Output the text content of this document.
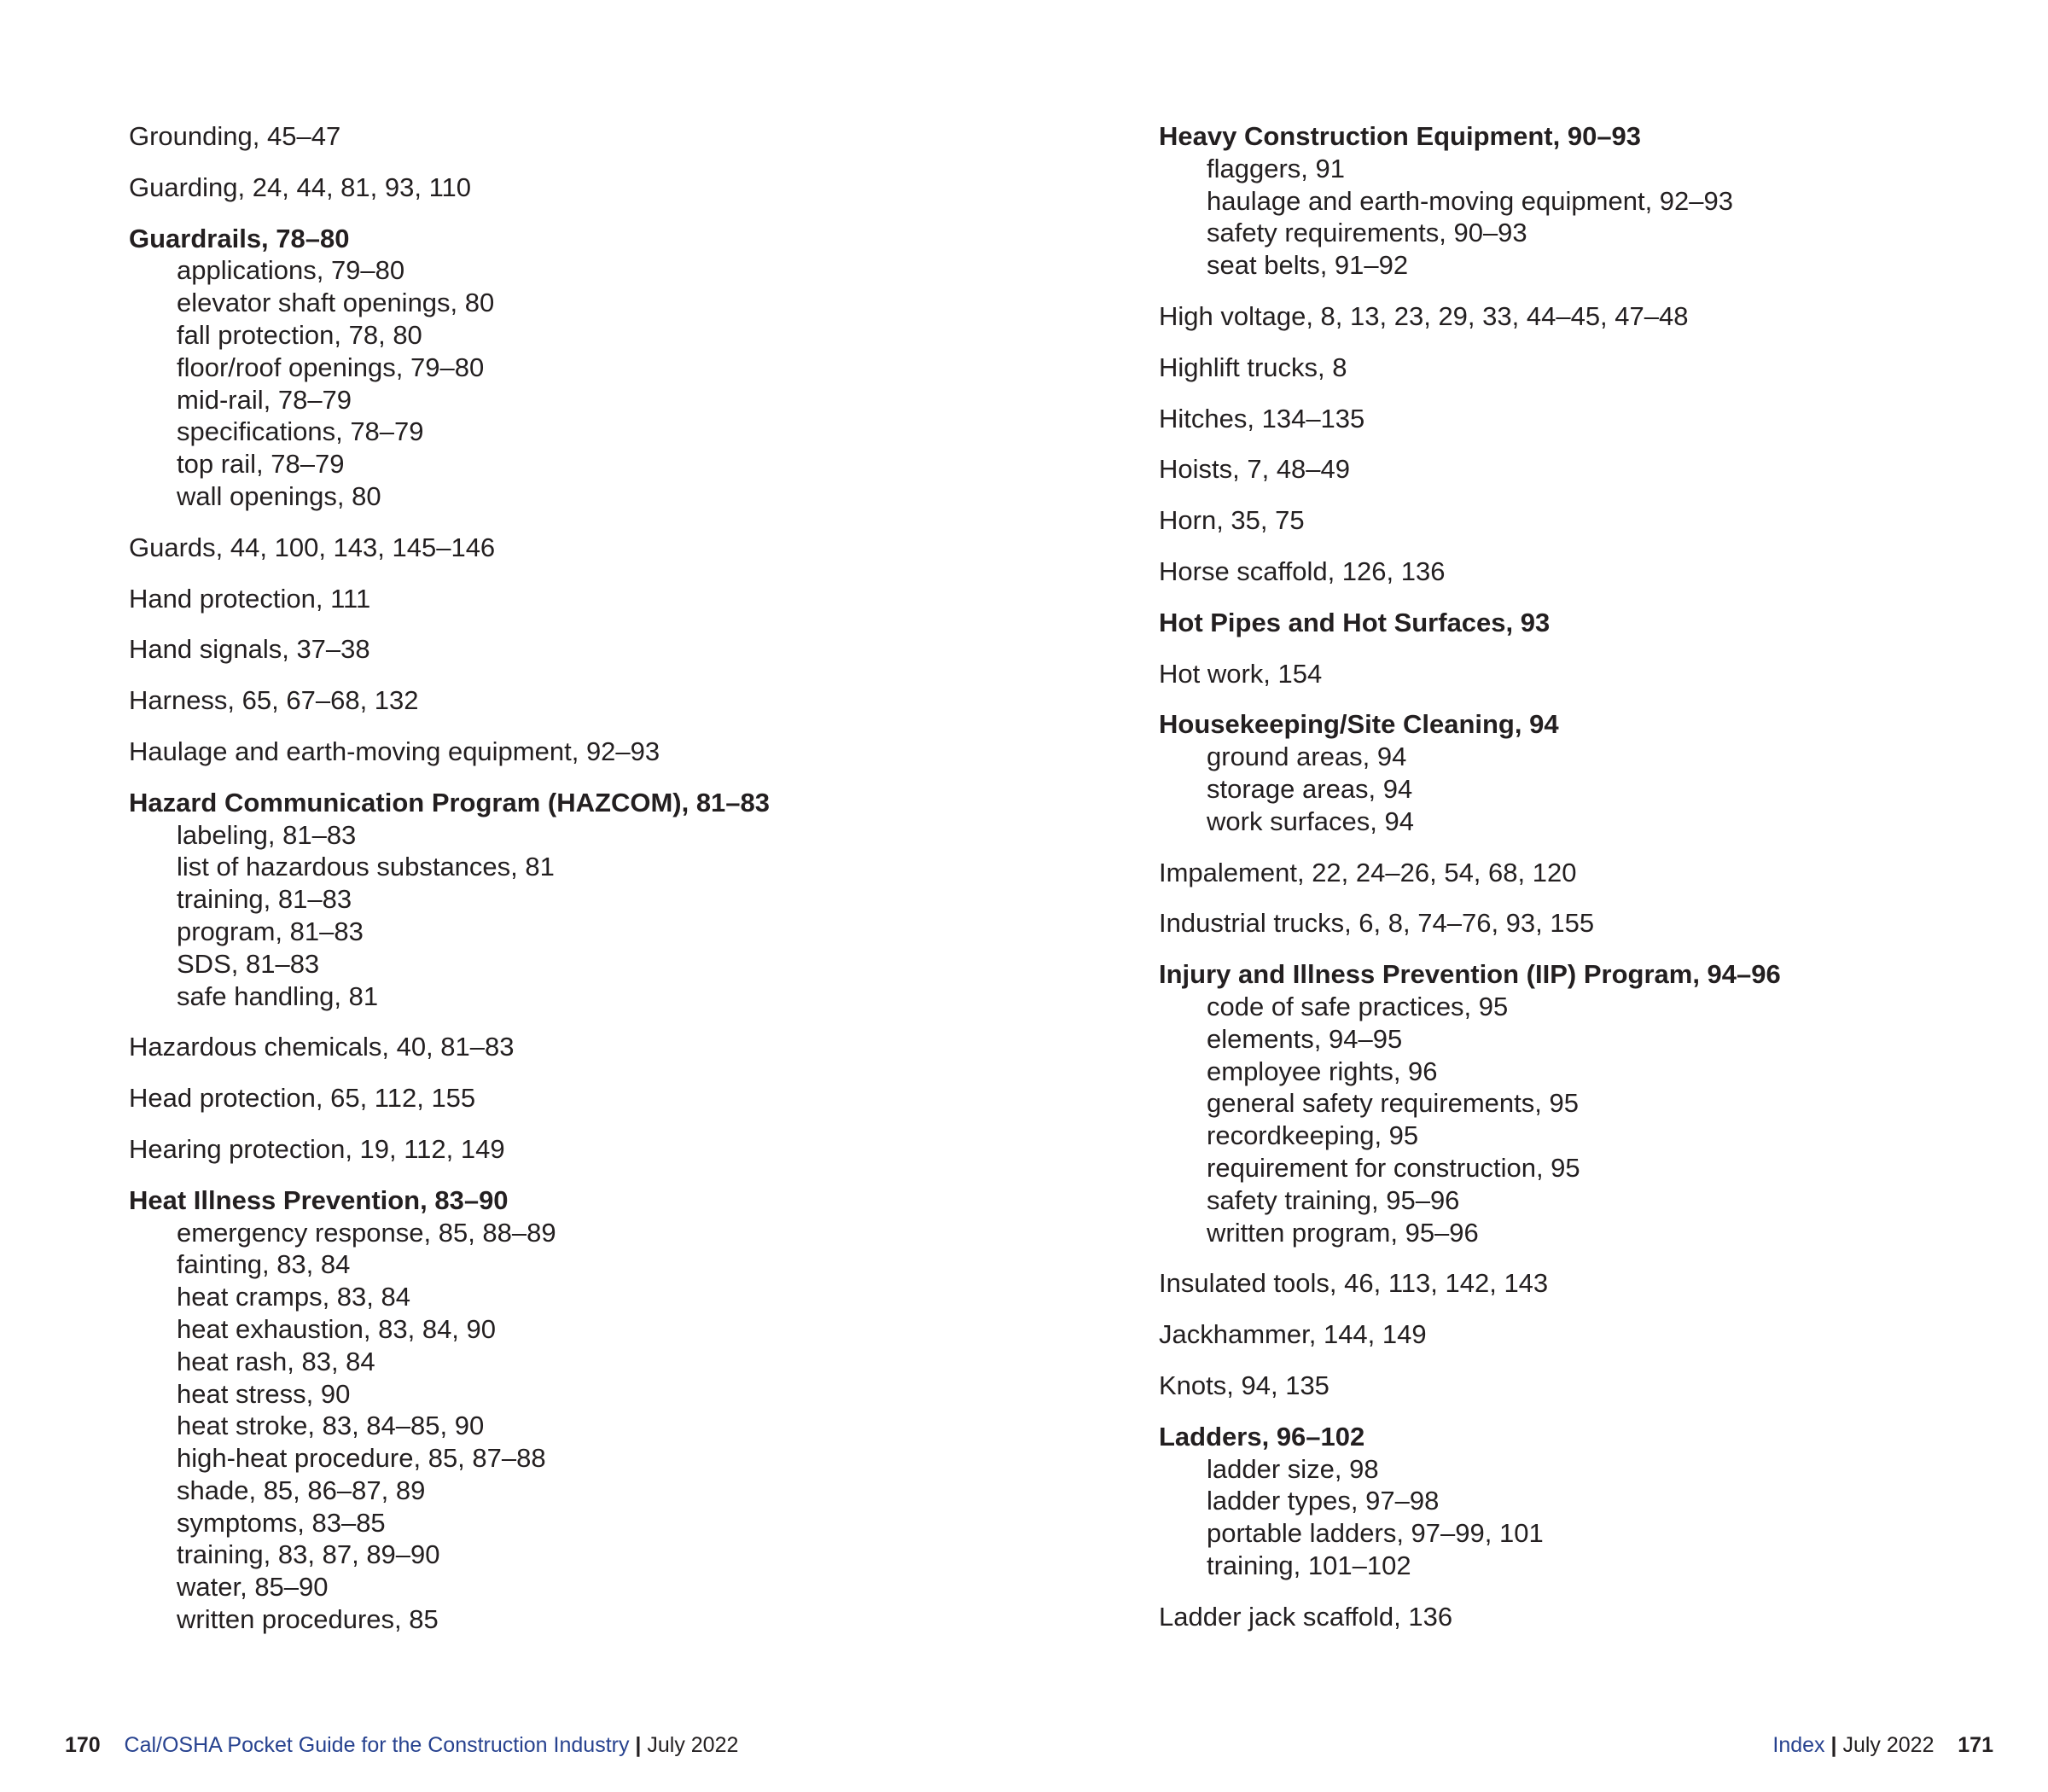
Grounding, 45–47
Guarding, 24, 44, 81, 93, 110
Guardrails, 78–80
applications, 79–80
elevator shaft openings, 80
fall protection, 78, 80
floor/roof openings, 79–80
mid-rail, 78–79
specifications, 78–79
top rail, 78–79
wall openings, 80
Guards, 44, 100, 143, 145–146
Hand protection, 111
Hand signals, 37–38
Harness, 65, 67–68, 132
Haulage and earth-moving equipment, 92–93
Hazard Communication Program (HAZCOM), 81–83
labeling, 81–83
list of hazardous substances, 81
training, 81–83
program, 81–83
SDS, 81–83
safe handling, 81
Hazardous chemicals, 40, 81–83
Head protection, 65, 112, 155
Hearing protection, 19, 112, 149
Heat Illness Prevention, 83–90
emergency response, 85, 88–89
fainting, 83, 84
heat cramps, 83, 84
heat exhaustion, 83, 84, 90
heat rash, 83, 84
heat stress, 90
heat stroke, 83, 84–85, 90
high-heat procedure, 85, 87–88
shade, 85, 86–87, 89
symptoms, 83–85
training, 83, 87, 89–90
water, 85–90
written procedures, 85
Heavy Construction Equipment, 90–93
flaggers, 91
haulage and earth-moving equipment, 92–93
safety requirements, 90–93
seat belts, 91–92
High voltage, 8, 13, 23, 29, 33, 44–45, 47–48
Highlift trucks, 8
Hitches, 134–135
Hoists, 7, 48–49
Horn, 35, 75
Horse scaffold, 126, 136
Hot Pipes and Hot Surfaces, 93
Hot work, 154
Housekeeping/Site Cleaning, 94
ground areas, 94
storage areas, 94
work surfaces, 94
Impalement, 22, 24–26, 54, 68, 120
Industrial trucks, 6, 8, 74–76, 93, 155
Injury and Illness Prevention (IIP) Program, 94–96
code of safe practices, 95
elements, 94–95
employee rights, 96
general safety requirements, 95
recordkeeping, 95
requirement for construction, 95
safety training, 95–96
written program, 95–96
Insulated tools, 46, 113, 142, 143
Jackhammer, 144, 149
Knots, 94, 135
Ladders, 96–102
ladder size, 98
ladder types, 97–98
portable ladders, 97–99, 101
training, 101–102
Ladder jack scaffold, 136
170 Cal/OSHA Pocket Guide for the Construction Industry | July 2022	Index | July 2022 171
